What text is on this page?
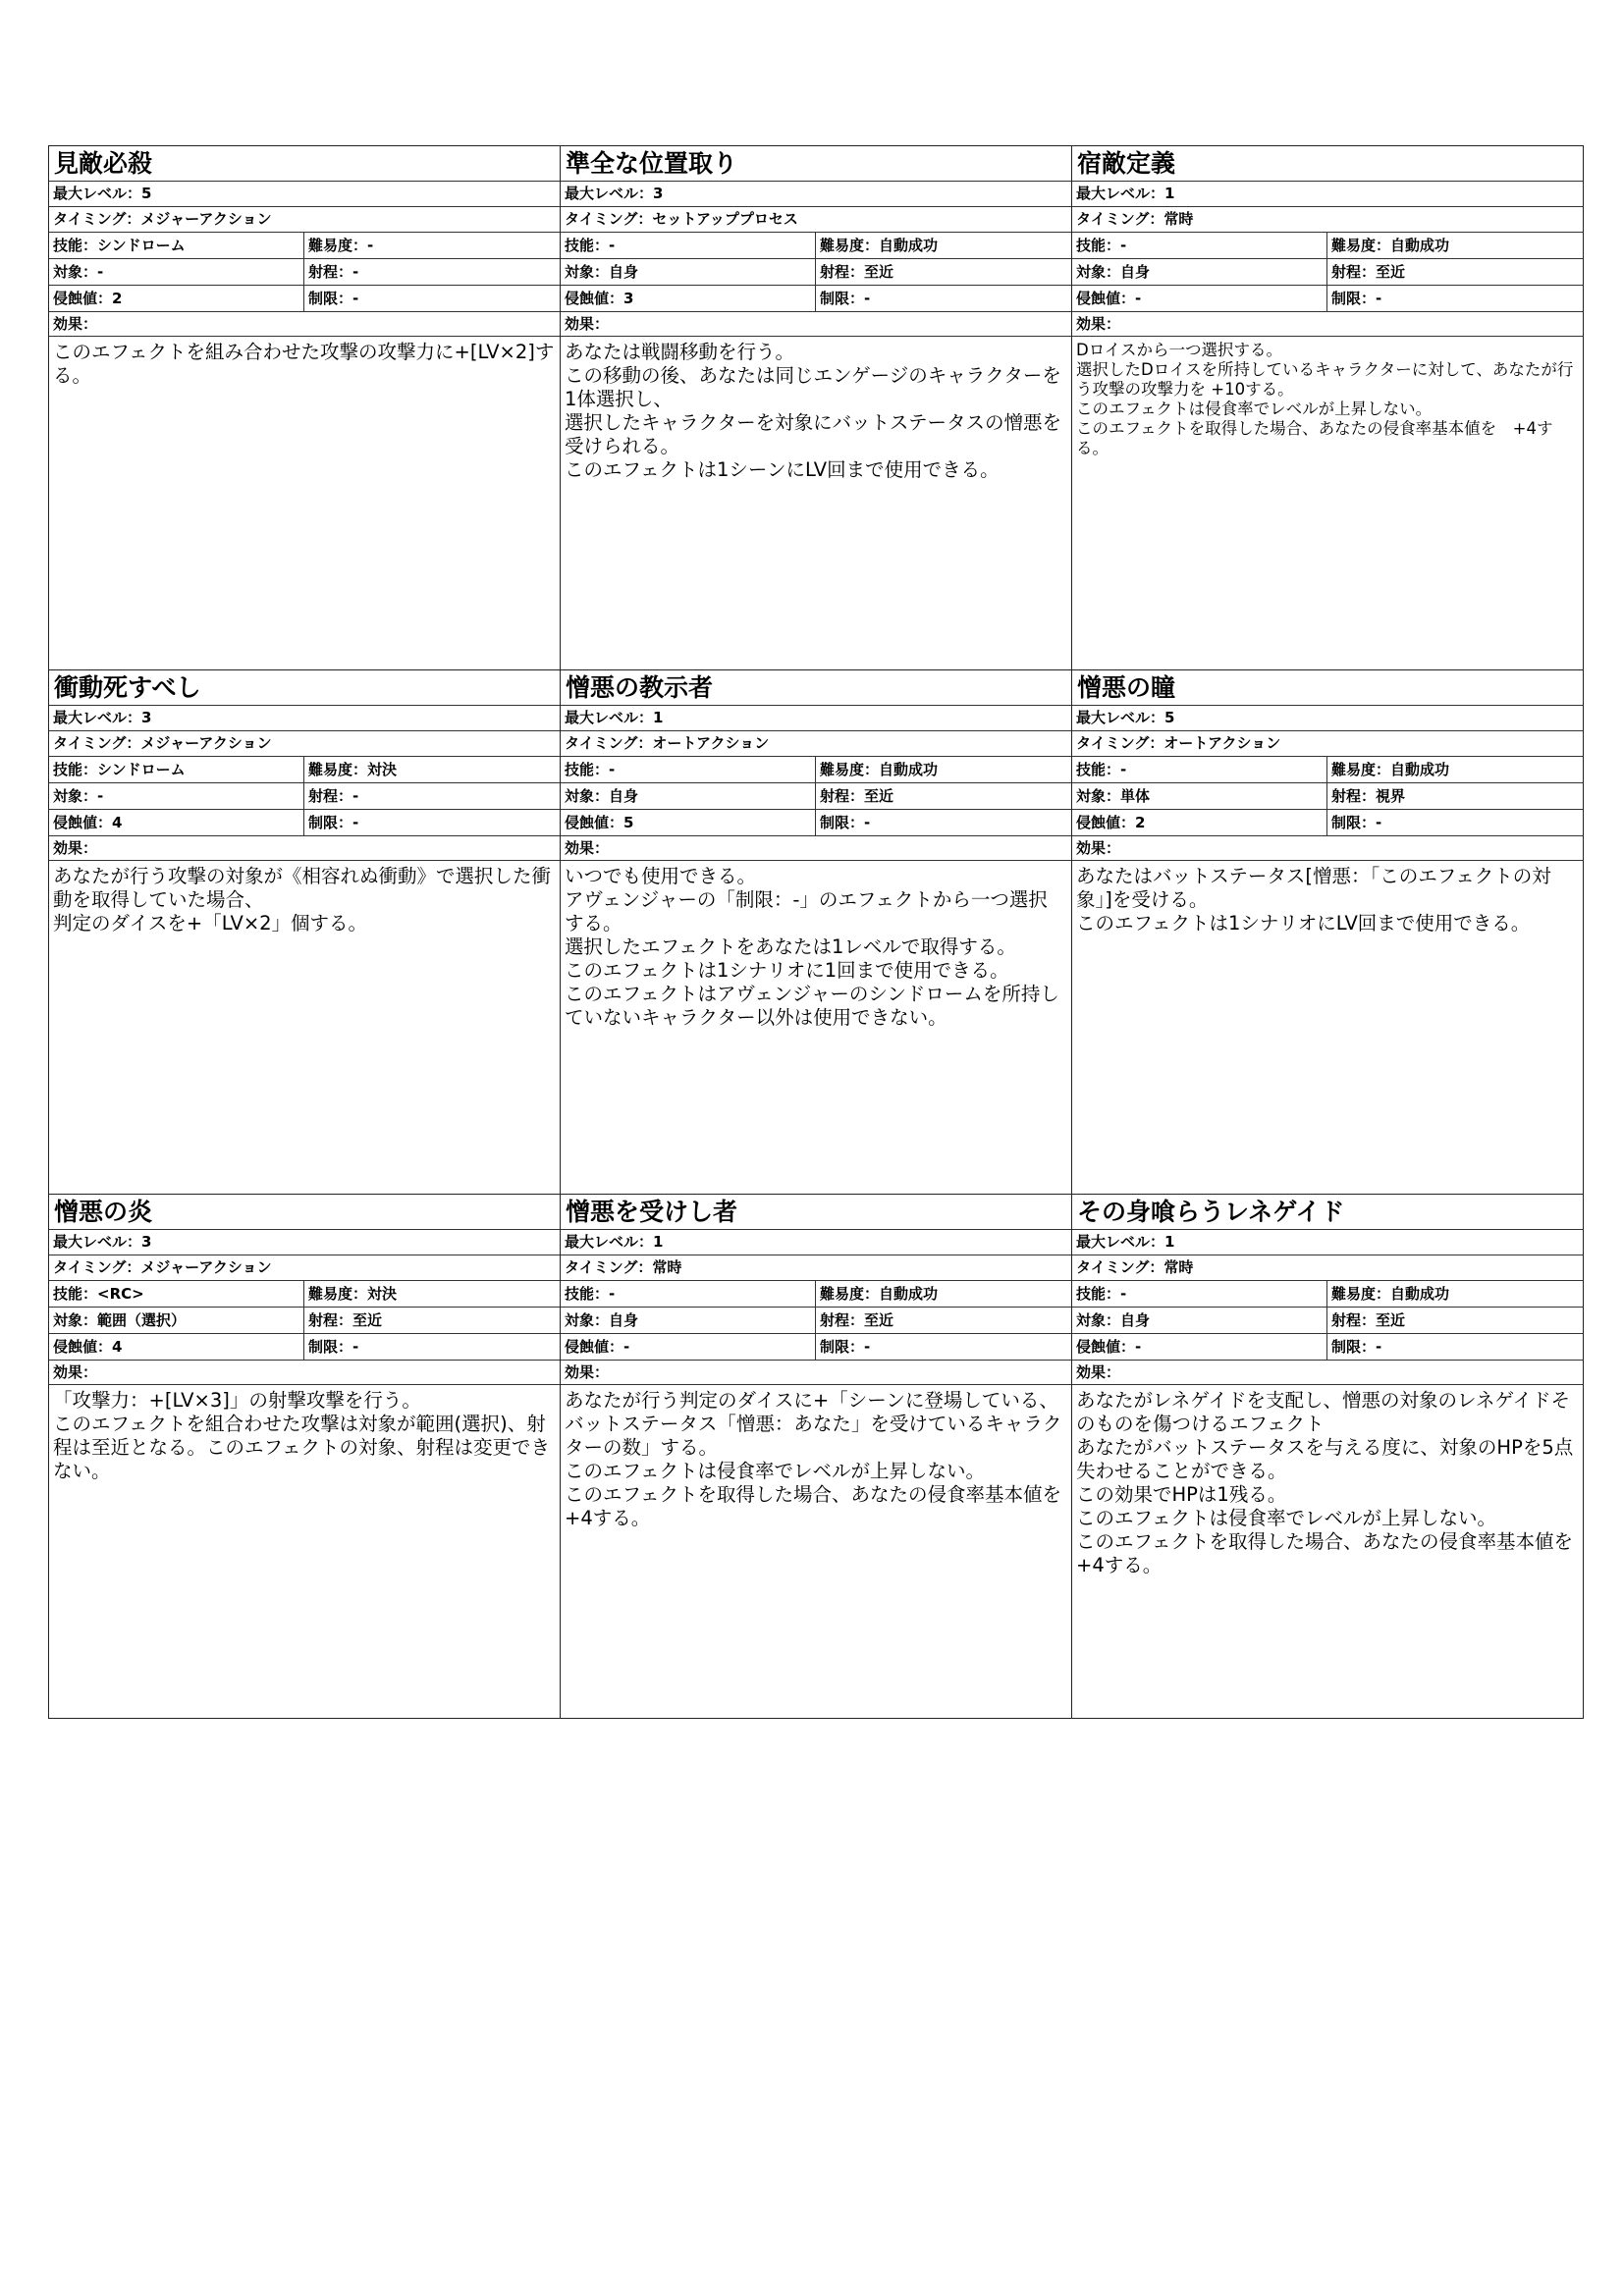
見敵必殺
最大レベル：5
タイミング：メジャーアクション
技能：シンドローム	難易度：-
対象：-	射程：-
侵蝕値：2	制限：-
効果：
このエフェクトを組み合わせた攻撃の攻撃力に+[LV×2]する。
準全な位置取り
最大レベル：3
タイミング：セットアッププロセス
技能：-	難易度：自動成功
対象：自身	射程：至近
侵蝕値：3	制限：-
効果：
あなたは戦闘移動を行う。
この移動の後、あなたは同じエンゲージのキャラクターを1体選択し、
選択したキャラクターを対象にバットステータスの憎悪を受けられる。
このエフェクトは1シーンにLV回まで使用できる。
宿敵定義
最大レベル：1
タイミング：常時
技能：-	難易度：自動成功
対象：自身	射程：至近
侵蝕値：-	制限：-
効果：
Dロイスから一つ選択する。
選択したDロイスを所持しているキャラクターに対して、あなたが行う攻撃の攻撃力を +10する。
このエフェクトは侵食率でレベルが上昇しない。
このエフェクトを取得した場合、あなたの侵食率基本値を　+4する。
衝動死すべし
最大レベル：3
タイミング：メジャーアクション
技能：シンドローム	難易度：対決
対象：-	射程：-
侵蝕値：4	制限：-
効果：
あなたが行う攻撃の対象が《相容れぬ衝動》で選択した衝動を取得していた場合、
判定のダイスを+「LV×2」個する。
憎悪の教示者
最大レベル：1
タイミング：オートアクション
技能：-	難易度：自動成功
対象：自身	射程：至近
侵蝕値：5	制限：-
効果：
いつでも使用できる。
アヴェンジャーの「制限：-」のエフェクトから一つ選択する。
選択したエフェクトをあなたは1レベルで取得する。
このエフェクトは1シナリオに1回まで使用できる。
このエフェクトはアヴェンジャーのシンドロームを所持していないキャラクター以外は使用できない。
憎悪の瞳
最大レベル：5
タイミング：オートアクション
技能：-	難易度：自動成功
対象：単体	射程：視界
侵蝕値：2	制限：-
効果：
あなたはバットステータス[憎悪：「このエフェクトの対象」]を受ける。
このエフェクトは1シナリオにLV回まで使用できる。
憎悪の炎
最大レベル：3
タイミング：メジャーアクション
技能：<RC>	難易度：対決
対象：範囲（選択）	射程：至近
侵蝕値：4	制限：-
効果：
「攻撃力：+[LV×3]」の射撃攻撃を行う。
このエフェクトを組合わせた攻撃は対象が範囲(選択)、射程は至近となる。このエフェクトの対象、射程は変更できない。
憎悪を受けし者
最大レベル：1
タイミング：常時
技能：-	難易度：自動成功
対象：自身	射程：至近
侵蝕値：-	制限：-
効果：
あなたが行う判定のダイスに+「シーンに登場している、バットステータス「憎悪：あなた」を受けているキャラクターの数」する。
このエフェクトは侵食率でレベルが上昇しない。
このエフェクトを取得した場合、あなたの侵食率基本値を+4する。
その身喰らうレネゲイド
最大レベル：1
タイミング：常時
技能：-	難易度：自動成功
対象：自身	射程：至近
侵蝕値：-	制限：-
効果：
あなたがレネゲイドを支配し、憎悪の対象のレネゲイドそのものを傷つけるエフェクト
あなたがバットステータスを与える度に、対象のHPを5点失わせることができる。
この効果でHPは1残る。
このエフェクトは侵食率でレベルが上昇しない。
このエフェクトを取得した場合、あなたの侵食率基本値を+4する。
